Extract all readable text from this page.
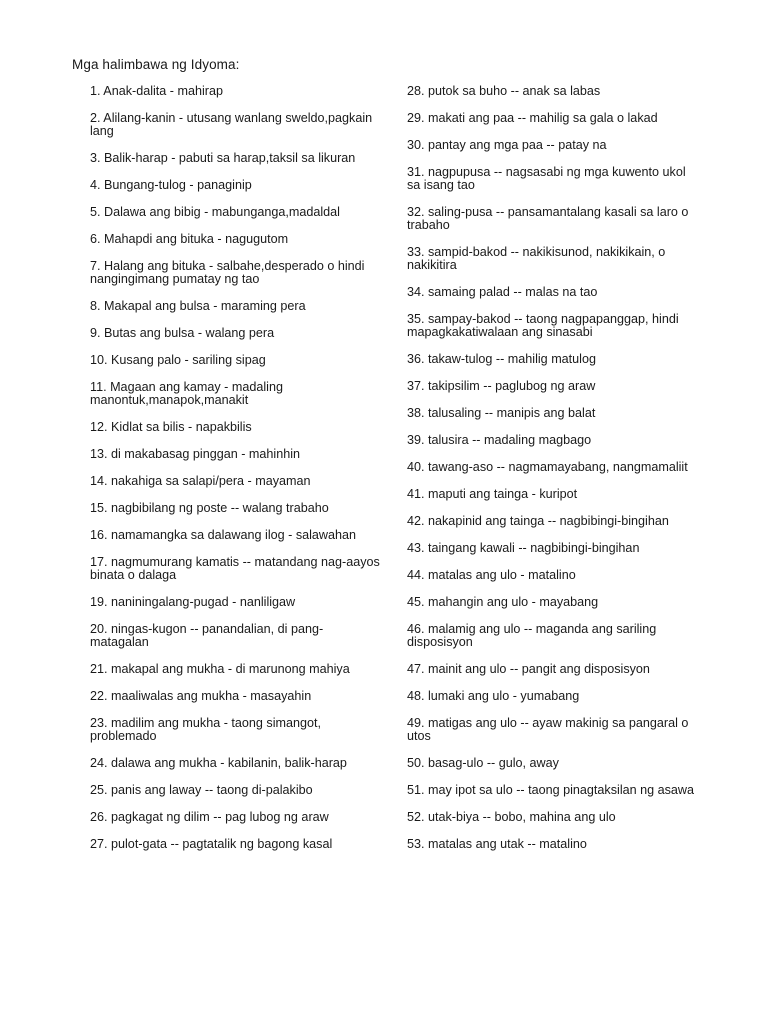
Mga halimbawa ng Idyoma:
1. Anak-dalita - mahirap
2. Alilang-kanin - utusang wanlang sweldo,pagkain lang
3. Balik-harap - pabuti sa harap,taksil sa likuran
4. Bungang-tulog - panaginip
5. Dalawa ang bibig - mabunganga,madaldal
6. Mahapdi ang bituka - nagugutom
7. Halang ang bituka - salbahe,desperado o hindi nangingimang pumatay ng tao
8. Makapal ang bulsa - maraming pera
9. Butas ang bulsa - walang pera
10. Kusang palo - sariling sipag
11. Magaan ang kamay - madaling manontuk,manapok,manakit
12. Kidlat sa bilis - napakbilis
13. di makabasag pinggan - mahinhin
14. nakahiga sa salapi/pera - mayaman
15. nagbibilang ng poste -- walang trabaho
16. namamangka sa dalawang ilog - salawahan
17. nagmumurang kamatis -- matandang nag-aayos binata o dalaga
19. naniningalang-pugad - nanliligaw
20. ningas-kugon -- panandalian, di pang-matagalan
21. makapal ang mukha - di marunong mahiya
22. maaliwalas ang mukha - masayahin
23. madilim ang mukha - taong simangot, problemado
24. dalawa ang mukha - kabilanin, balik-harap
25. panis ang laway -- taong di-palakibo
26. pagkagat ng dilim -- pag lubog ng araw
27. pulot-gata -- pagtatalik ng bagong kasal
28. putok sa buho -- anak sa labas
29. makati ang paa -- mahilig sa gala o lakad
30. pantay ang mga paa -- patay na
31. nagpupusa -- nagsasabi ng mga kuwento ukol sa isang tao
32. saling-pusa -- pansamantalang kasali sa laro o trabaho
33. sampid-bakod -- nakikisunod, nakikikain, o nakikitira
34. samaing palad -- malas na tao
35. sampay-bakod -- taong nagpapanggap, hindi mapagkakatiwalaan ang sinasabi
36. takaw-tulog -- mahilig matulog
37. takipsilim -- paglubog ng araw
38. talusaling -- manipis ang balat
39. talusira -- madaling magbago
40. tawang-aso -- nagmamayabang, nangmamaliit
41. maputi ang tainga - kuripot
42. nakapinid ang tainga -- nagbibingi-bingihan
43. taingang kawali -- nagbibingi-bingihan
44. matalas ang ulo - matalino
45. mahangin ang ulo - mayabang
46. malamig ang ulo -- maganda ang sariling disposisyon
47. mainit ang ulo -- pangit ang disposisyon
48. lumaki ang ulo - yumabang
49. matigas ang ulo -- ayaw makinig sa pangaral o utos
50. basag-ulo -- gulo, away
51. may ipot sa ulo -- taong pinagtaksilan ng asawa
52. utak-biya -- bobo, mahina ang ulo
53. matalas ang utak -- matalino
